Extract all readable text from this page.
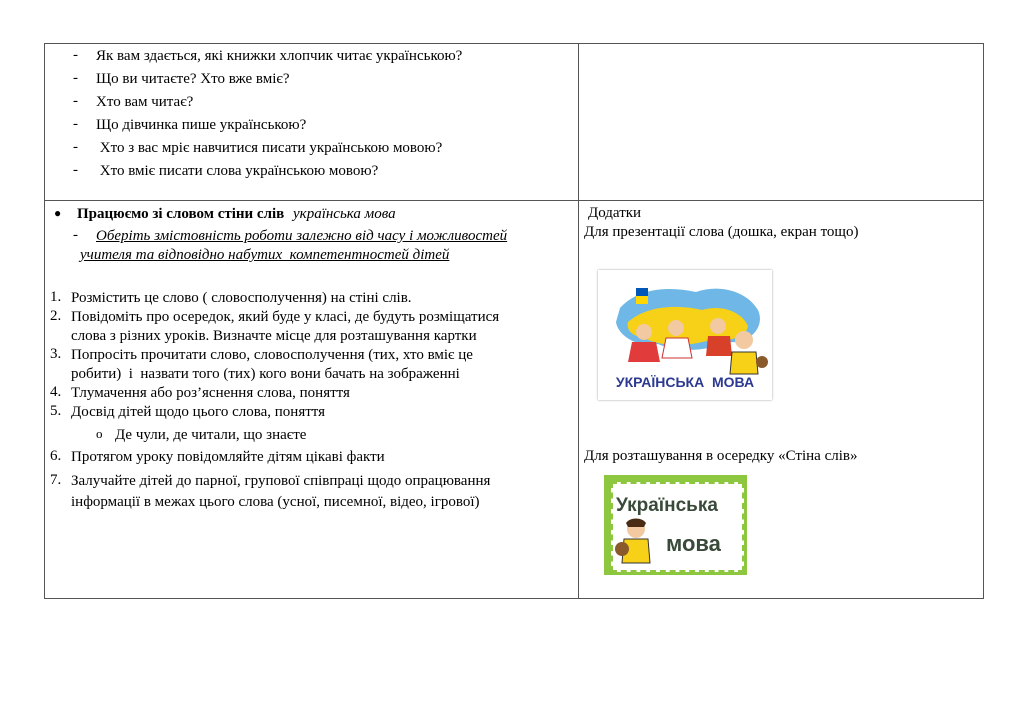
- Як вам здається, які книжки хлопчик читає українською?
- Що ви читаєте? Хто вже вміє?
- Хто вам читає?
- Що дівчинка пише українською?
- Хто з вас мріє навчитися писати українською мовою?
- Хто вміє писати слова українською мовою?
● Працюємо зі словом стіни слів українська мова
- Оберіть змістовність роботи залежно від часу і можливостей
учителя та відповідно набутих  компетентностей дітей
1. Розмістить це слово ( словосполучення) на стіні слів.
2. Повідоміть про осередок, який буде у класі, де будуть розміщатися
слова з різних уроків. Визначте місце для розташування картки
3. Попросіть прочитати слово, словосполучення (тих, хто вміє це
робити)  і  назвати того (тих) кого вони бачать на зображенні
4. Тлумачення або роз’яснення слова, поняття
5. Досвід дітей щодо цього слова, поняття
o Де чули, де читали, що знаєте
6. Протягом уроку повідомляйте дітям цікаві факти
7. Залучайте дітей до парної, групової співпраці щодо опрацювання
інформації в межах цього слова (усної, писемної, відео, ігрової)
Додатки
Для презентації слова (дошка, екран тощо)
УКРАЇНСЬКА  МОВА
Для розташування в осередку «Стіна слів»
Українська
мова
